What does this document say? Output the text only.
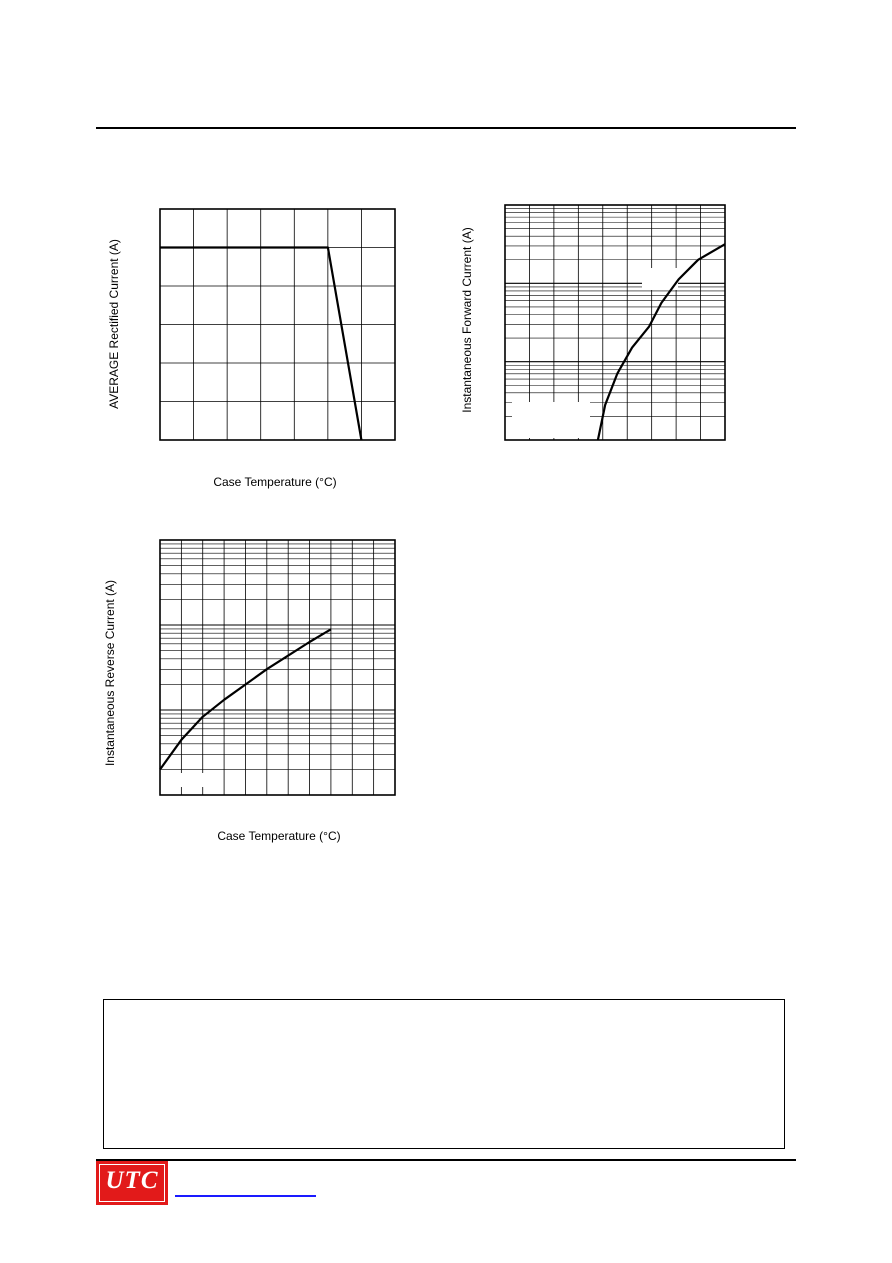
AVERAGE Rectified Current (A)
Case Temperature (°C)
Instantaneous Forward Current (A)
Instantaneous Reverse Current (A)
Case Temperature (°C)
UTC
